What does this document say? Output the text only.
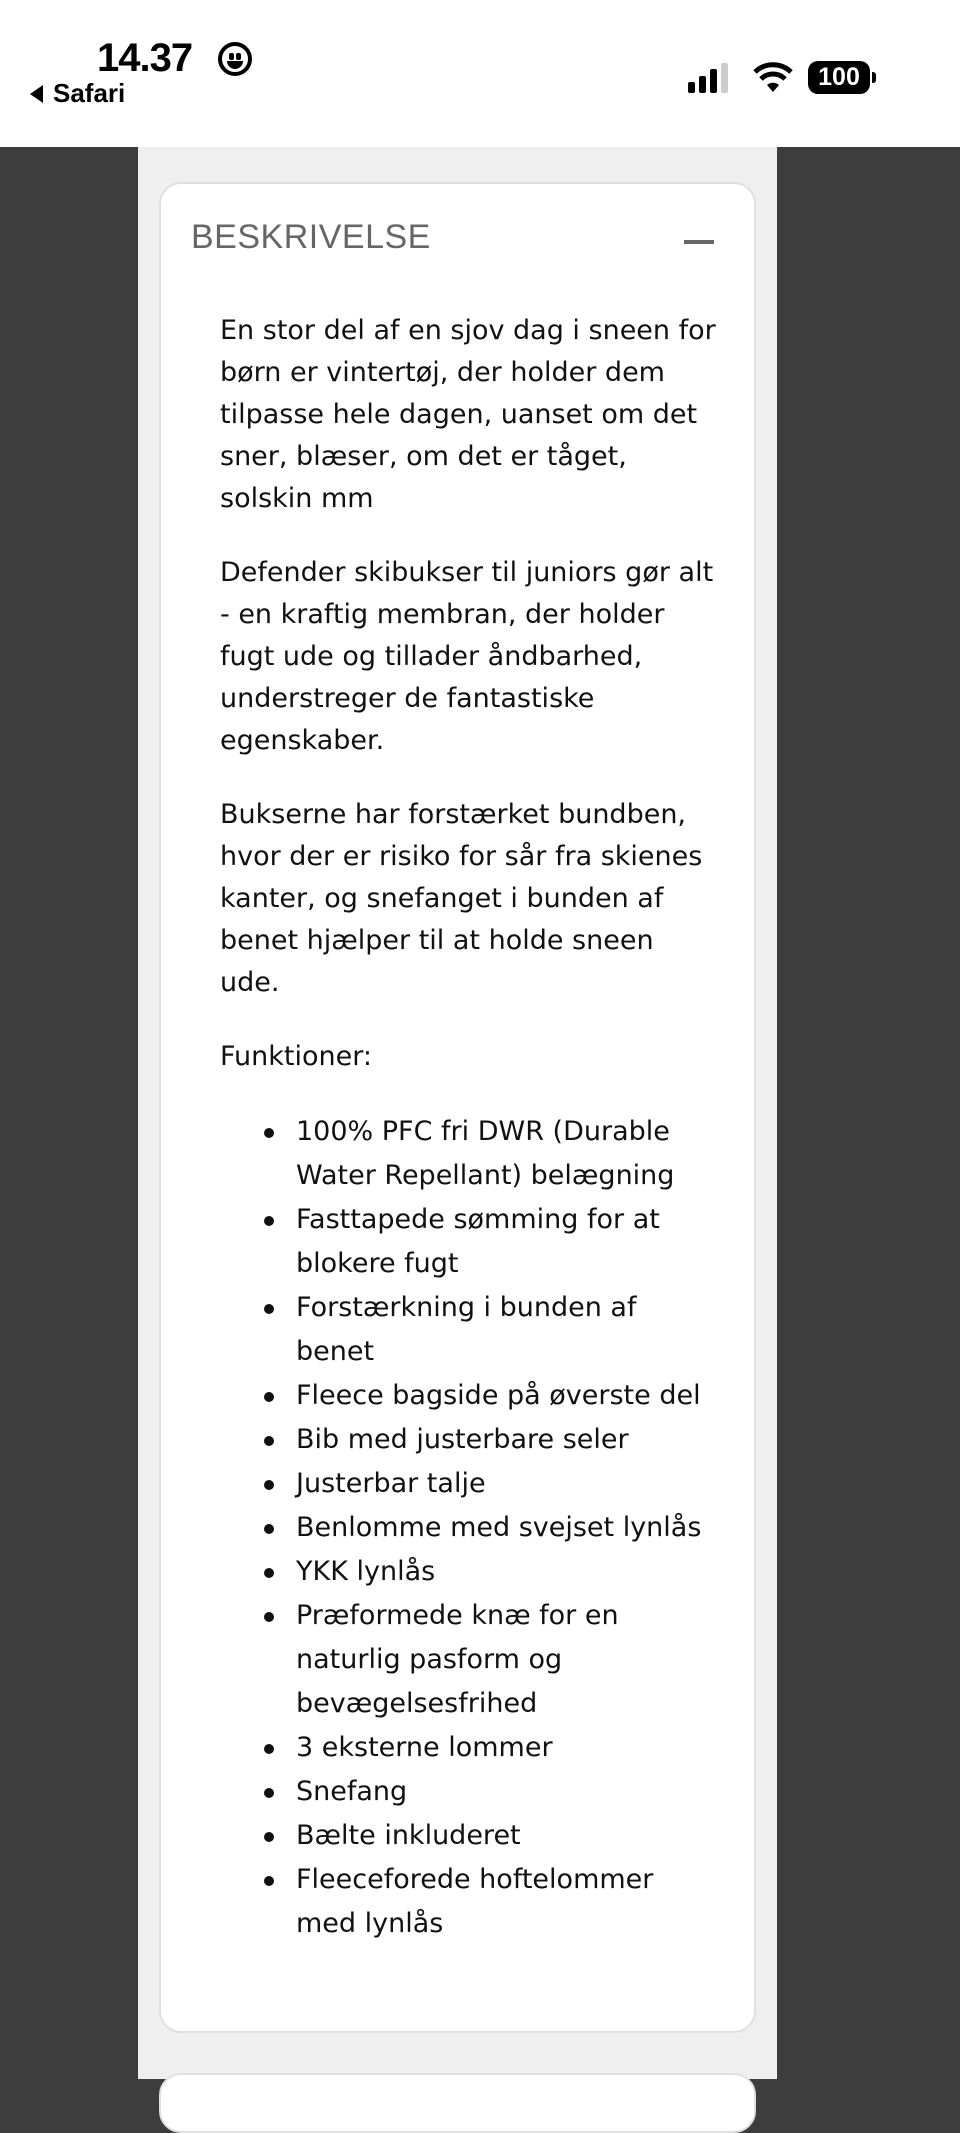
14.37
Safari
100
BESKRIVELSE
En stor del af en sjov dag i sneen for
børn er vintertøj, der holder dem
tilpasse hele dagen, uanset om det
sner, blæser, om det er tåget,
solskin mm
Defender skibukser til juniors gør alt
- en kraftig membran, der holder
fugt ude og tillader åndbarhed,
understreger de fantastiske
egenskaber.
Bukserne har forstærket bundben,
hvor der er risiko for sår fra skienes
kanter, og snefanget i bunden af
benet hjælper til at holde sneen
ude.
Funktioner:
100% PFC fri DWR (Durable
Water Repellant) belægning
Fasttapede sømming for at
blokere fugt
Forstærkning i bunden af
benet
Fleece bagside på øverste del
Bib med justerbare seler
Justerbar talje
Benlomme med svejset lynlås
YKK lynlås
Præformede knæ for en
naturlig pasform og
bevægelsesfrihed
3 eksterne lommer
Snefang
Bælte inkluderet
Fleeceforede hoftelommer
med lynlås
